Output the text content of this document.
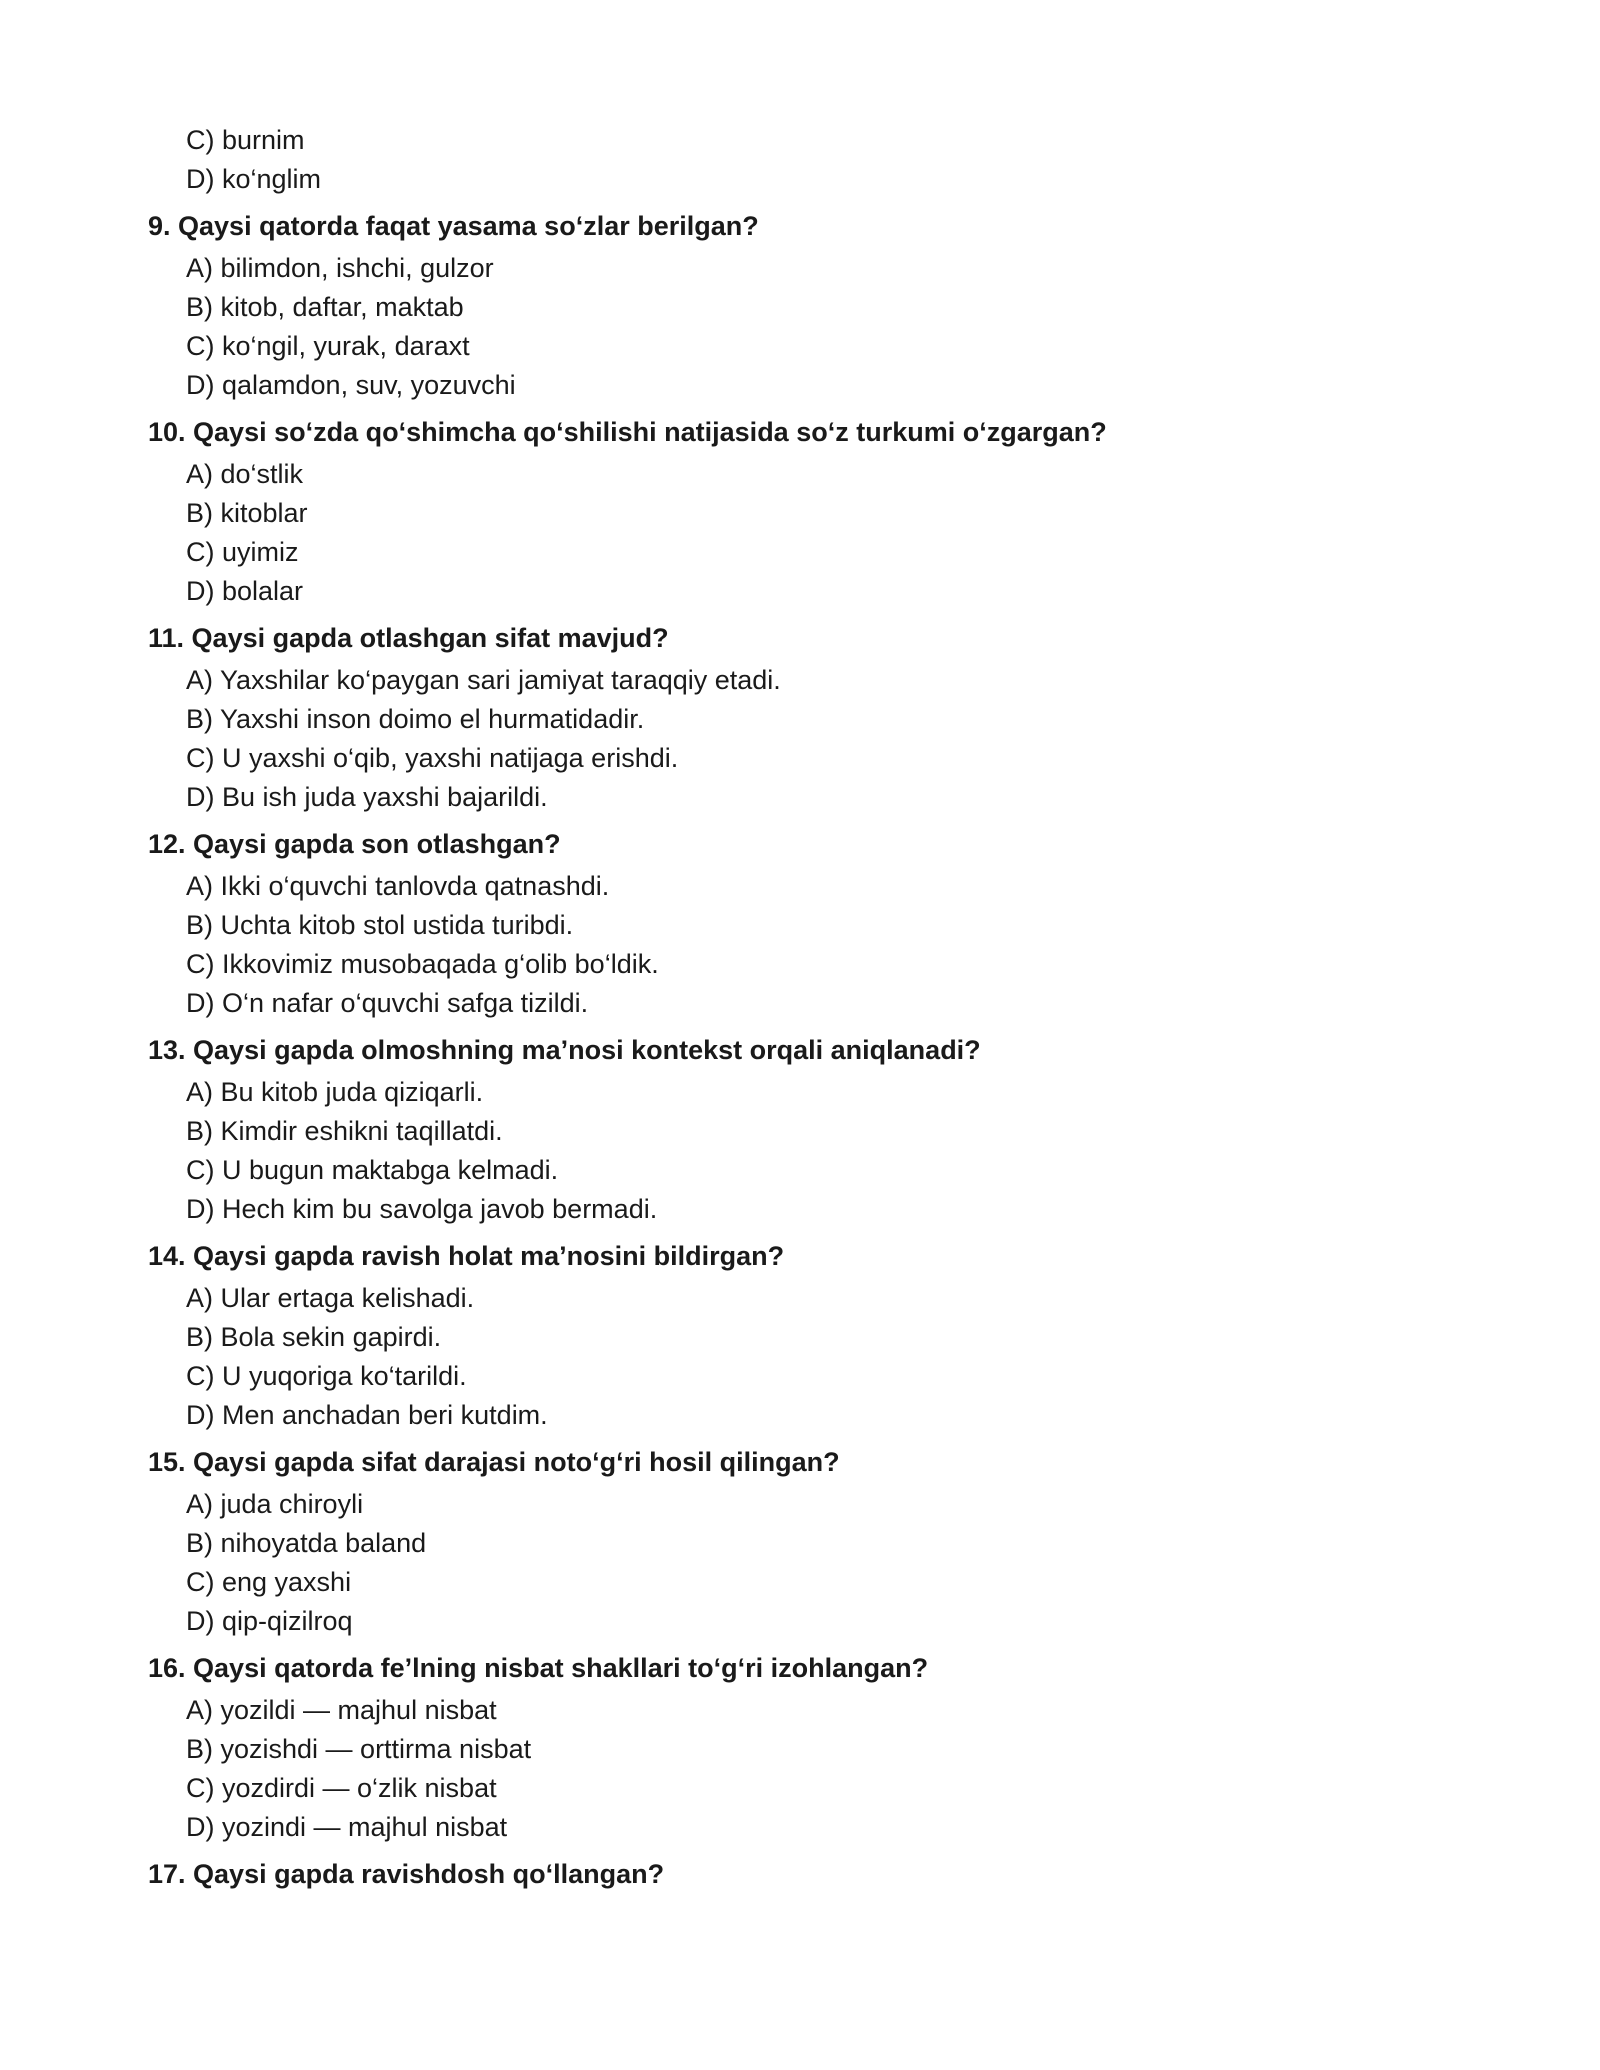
C) burnim
D) ko‘nglim
9. Qaysi qatorda faqat yasama so‘zlar berilgan?
A) bilimdon, ishchi, gulzor
B) kitob, daftar, maktab
C) ko‘ngil, yurak, daraxt
D) qalamdon, suv, yozuvchi
10. Qaysi so‘zda qo‘shimcha qo‘shilishi natijasida so‘z turkumi o‘zgargan?
A) do‘stlik
B) kitoblar
C) uyimiz
D) bolalar
11. Qaysi gapda otlashgan sifat mavjud?
A) Yaxshilar ko‘paygan sari jamiyat taraqqiy etadi.
B) Yaxshi inson doimo el hurmatidadir.
C) U yaxshi o‘qib, yaxshi natijaga erishdi.
D) Bu ish juda yaxshi bajarildi.
12. Qaysi gapda son otlashgan?
A) Ikki o‘quvchi tanlovda qatnashdi.
B) Uchta kitob stol ustida turibdi.
C) Ikkovimiz musobaqada g‘olib bo‘ldik.
D) O‘n nafar o‘quvchi safga tizildi.
13. Qaysi gapda olmoshning ma’nosi kontekst orqali aniqlanadi?
A) Bu kitob juda qiziqarli.
B) Kimdir eshikni taqillatdi.
C) U bugun maktabga kelmadi.
D) Hech kim bu savolga javob bermadi.
14. Qaysi gapda ravish holat ma’nosini bildirgan?
A) Ular ertaga kelishadi.
B) Bola sekin gapirdi.
C) U yuqoriga ko‘tarildi.
D) Men anchadan beri kutdim.
15. Qaysi gapda sifat darajasi noto‘g‘ri hosil qilingan?
A) juda chiroyli
B) nihoyatda baland
C) eng yaxshi
D) qip-qizilroq
16. Qaysi qatorda fe’lning nisbat shakllari to‘g‘ri izohlangan?
A) yozildi — majhul nisbat
B) yozishdi — orttirma nisbat
C) yozdirdi — o‘zlik nisbat
D) yozindi — majhul nisbat
17. Qaysi gapda ravishdosh qo‘llangan?
